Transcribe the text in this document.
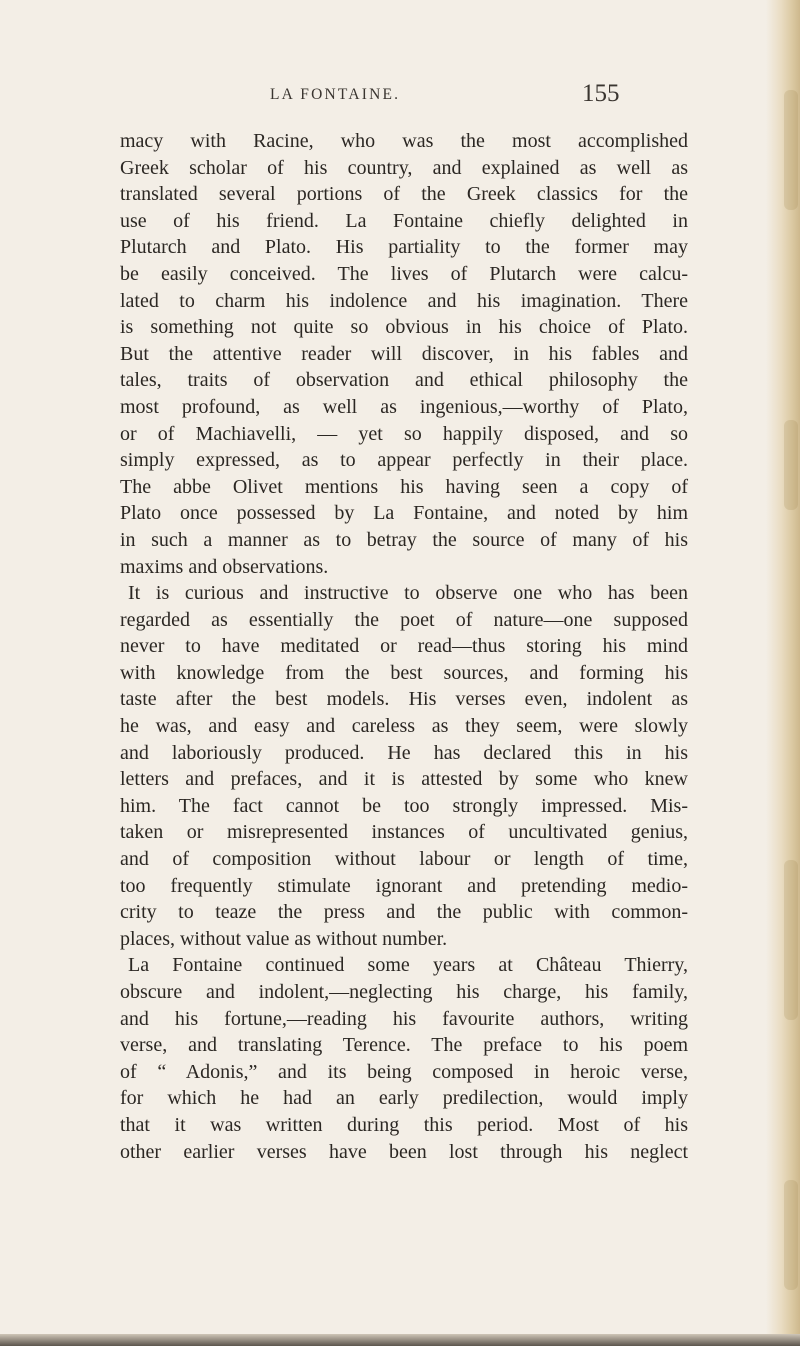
LA FONTAINE.	155
macy with Racine, who was the most accomplished
Greek scholar of his country, and explained as well as
translated several portions of the Greek classics for the
use of his friend. La Fontaine chiefly delighted in
Plutarch and Plato. His partiality to the former may
be easily conceived. The lives of Plutarch were calcu-
lated to charm his indolence and his imagination. There
is something not quite so obvious in his choice of Plato.
But the attentive reader will discover, in his fables and
tales, traits of observation and ethical philosophy the
most profound, as well as ingenious,—worthy of Plato,
or of Machiavelli, — yet so happily disposed, and so
simply expressed, as to appear perfectly in their place.
The abbe Olivet mentions his having seen a copy of
Plato once possessed by La Fontaine, and noted by him
in such a manner as to betray the source of many of his
maxims and observations.
It is curious and instructive to observe one who has been
regarded as essentially the poet of nature—one supposed
never to have meditated or read—thus storing his mind
with knowledge from the best sources, and forming his
taste after the best models. His verses even, indolent as
he was, and easy and careless as they seem, were slowly
and laboriously produced. He has declared this in his
letters and prefaces, and it is attested by some who knew
him. The fact cannot be too strongly impressed. Mis-
taken or misrepresented instances of uncultivated genius,
and of composition without labour or length of time,
too frequently stimulate ignorant and pretending medio-
crity to teaze the press and the public with common-
places, without value as without number.
La Fontaine continued some years at Château Thierry,
obscure and indolent,—neglecting his charge, his family,
and his fortune,—reading his favourite authors, writing
verse, and translating Terence. The preface to his poem
of “ Adonis,” and its being composed in heroic verse,
for which he had an early predilection, would imply
that it was written during this period. Most of his
other earlier verses have been lost through his neglect
